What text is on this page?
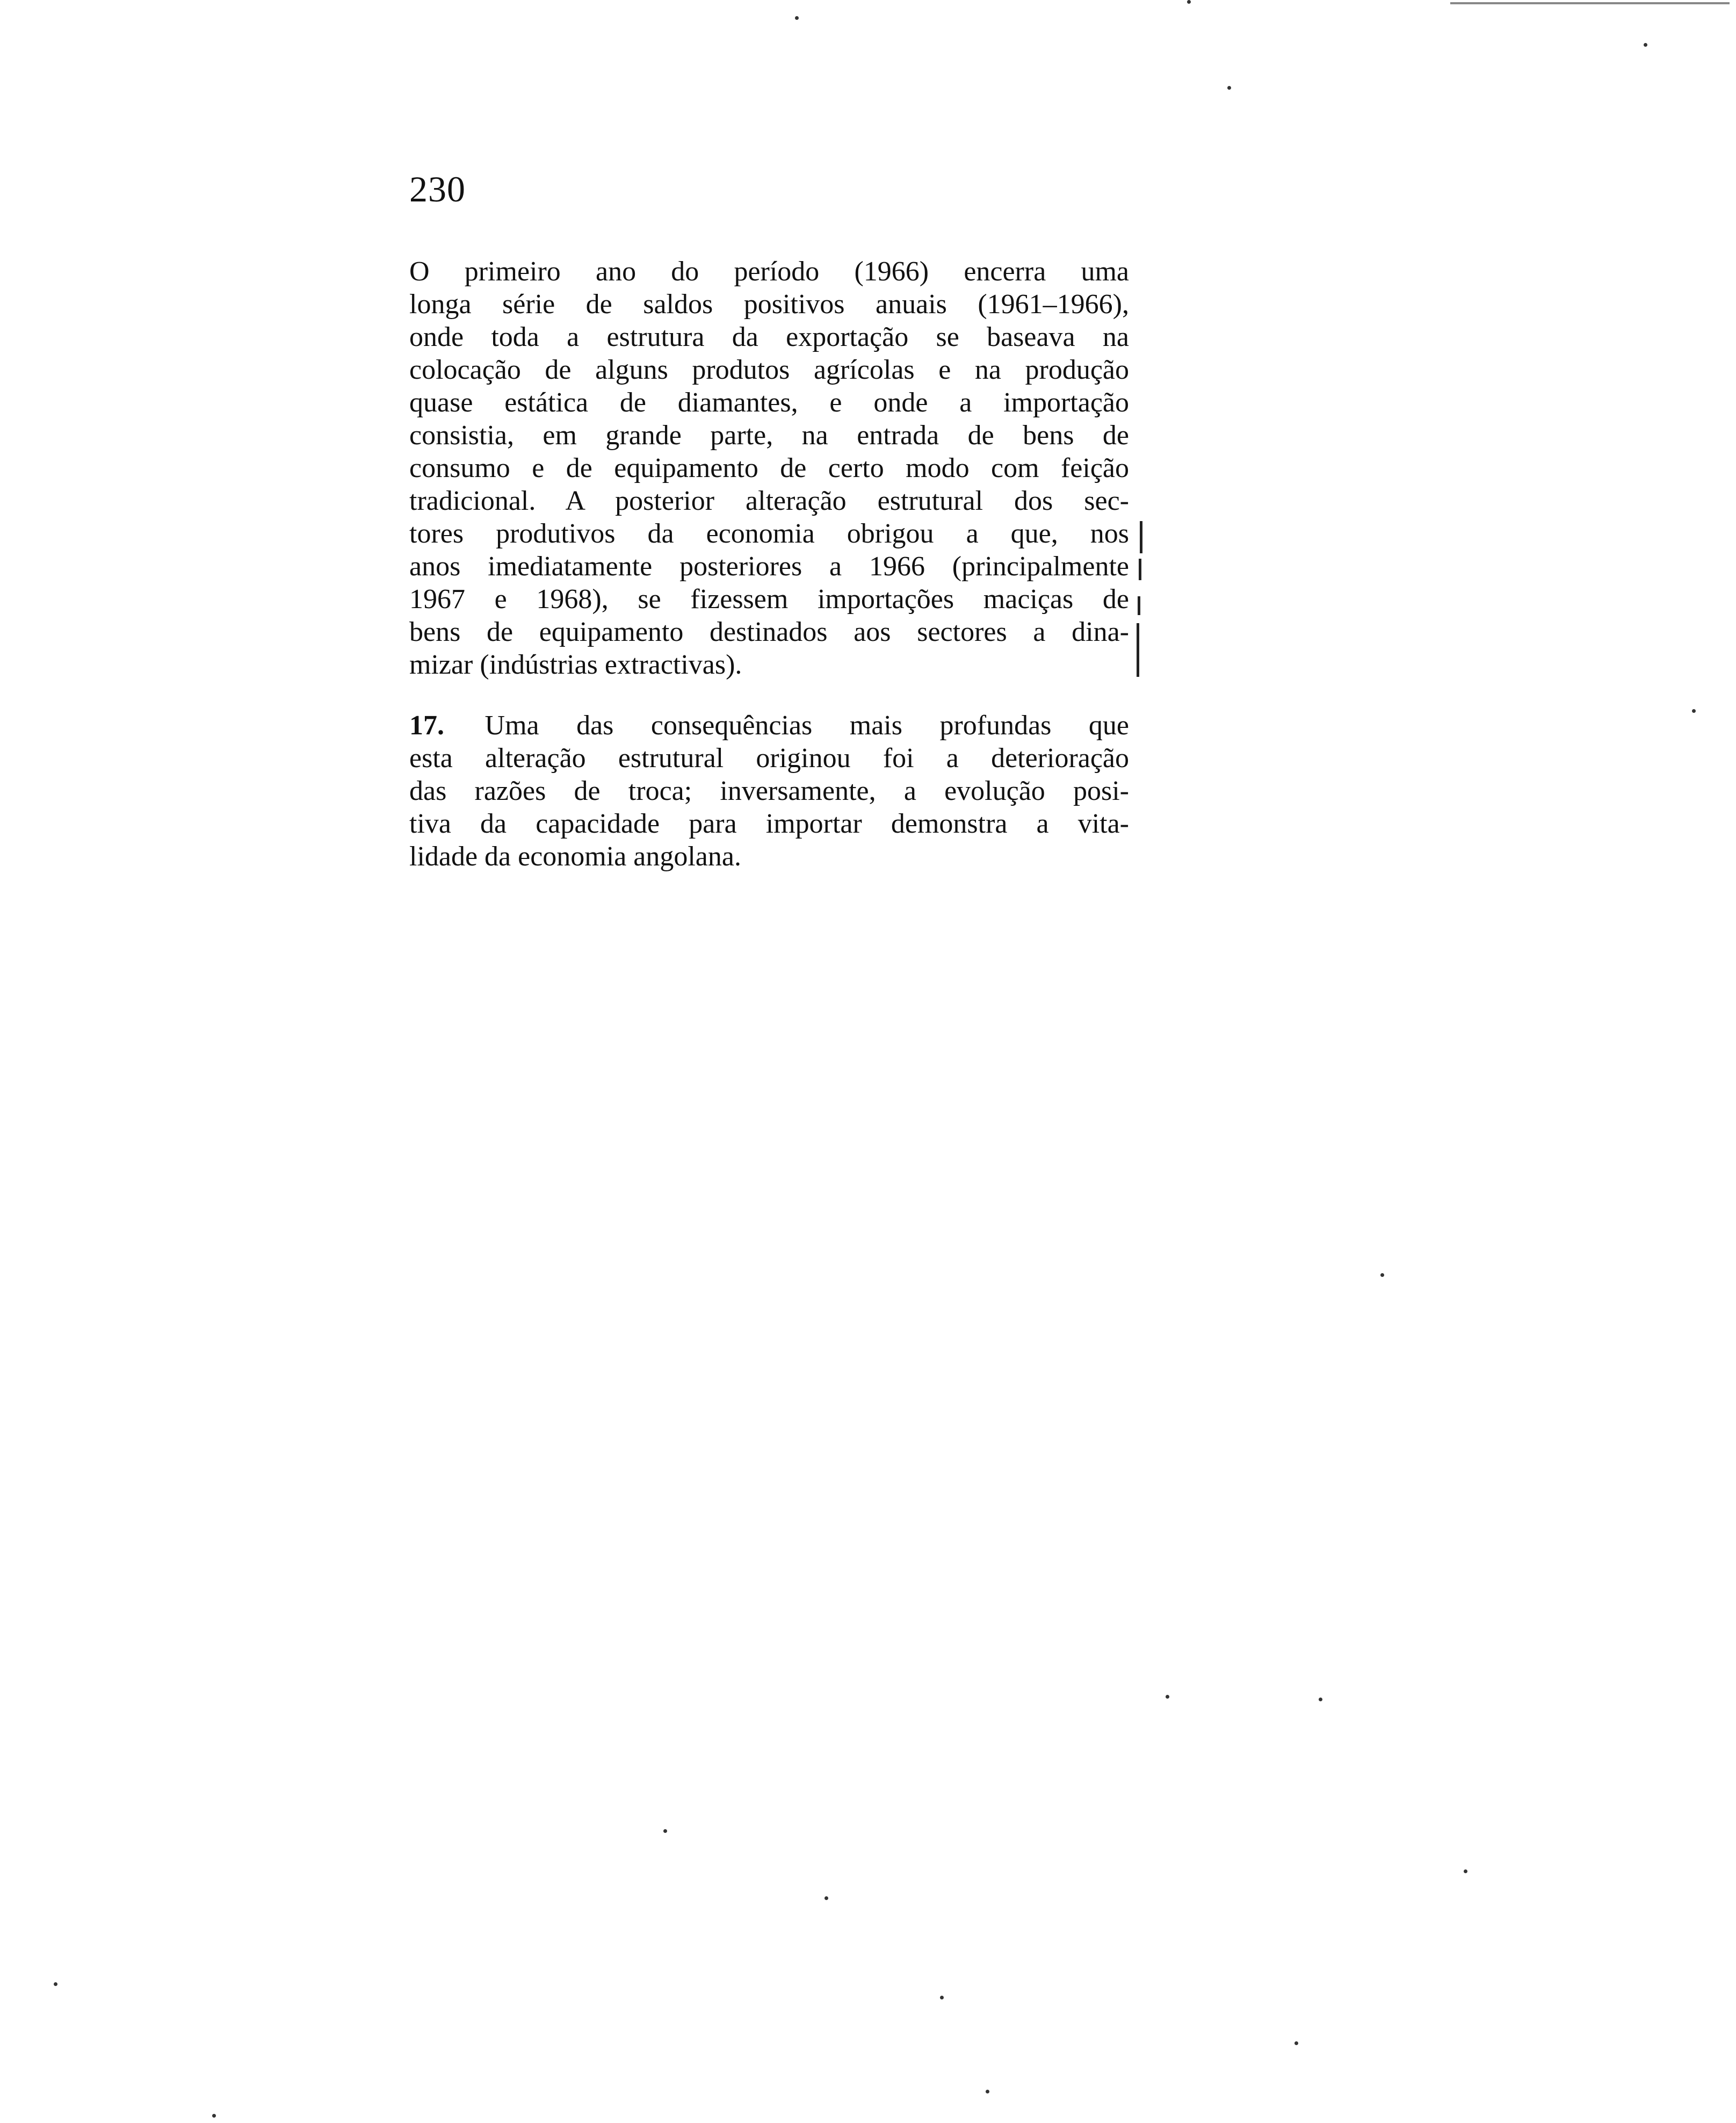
230
O primeiro ano do período (1966) encerra uma
longa série de saldos positivos anuais (1961–1966),
onde toda a estrutura da exportação se baseava na
colocação de alguns produtos agrícolas e na produção
quase estática de diamantes, e onde a importação
consistia, em grande parte, na entrada de bens de
consumo e de equipamento de certo modo com feição
tradicional. A posterior alteração estrutural dos sec-
tores produtivos da economia obrigou a que, nos
anos imediatamente posteriores a 1966 (principalmente
1967 e 1968), se fizessem importações maciças de
bens de equipamento destinados aos sectores a dina-
mizar (indústrias extractivas).
17. Uma das consequências mais profundas que
esta alteração estrutural originou foi a deterioração
das razões de troca; inversamente, a evolução posi-
tiva da capacidade para importar demonstra a vita-
lidade da economia angolana.
